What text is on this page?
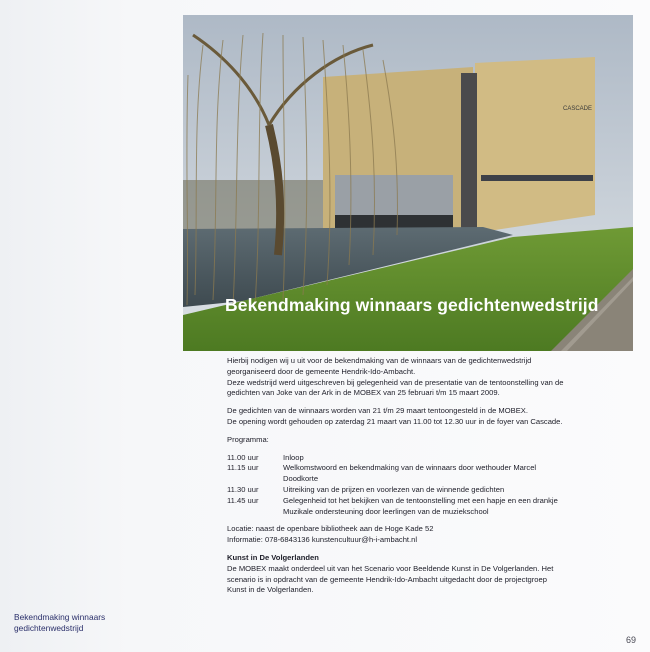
CASCADE
Bekendmaking winnaars gedichtenwedstrijd

Hierbij nodigen wij u uit voor de bekendmaking van de winnaars van de gedichtenwedstrijd

georganiseerd door de gemeente Hendrik-Ido-Ambacht.

Deze wedstrijd werd uitgeschreven bij gelegenheid van de presentatie van de tentoonstelling van de

gedichten van Joke van der Ark in de MOBEX van 25 februari t/m 15 maart 2009.

De gedichten van de winnaars worden van 21 t/m 29 maart tentoongesteld in de MOBEX.

De opening wordt gehouden op zaterdag 21 maart van 11.00 tot 12.30 uur in de foyer van Cascade.

Programma:

11.00 uur	Inloop
11.15 uur	Welkomstwoord en bekendmaking van de winnaars door wethouder Marcel
Doodkorte
11.30 uur	Uitreiking van de prijzen en voorlezen van de winnende gedichten
11.45 uur	Gelegenheid tot het bekijken van de tentoonstelling met een hapje en een drankje
Muzikale ondersteuning door leerlingen van de muziekschool

Locatie: naast de openbare bibliotheek aan de Hoge Kade 52

Informatie: 078-6843136 kunstencultuur@h-i-ambacht.nl

Kunst in De Volgerlanden

De MOBEX maakt onderdeel uit van het Scenario voor Beeldende Kunst in De Volgerlanden. Het

scenario is in opdracht van de gemeente Hendrik-Ido-Ambacht uitgedacht door de projectgroep

Kunst in de Volgerlanden.

Bekendmaking winnaars
gedichtenwedstrijd
69
